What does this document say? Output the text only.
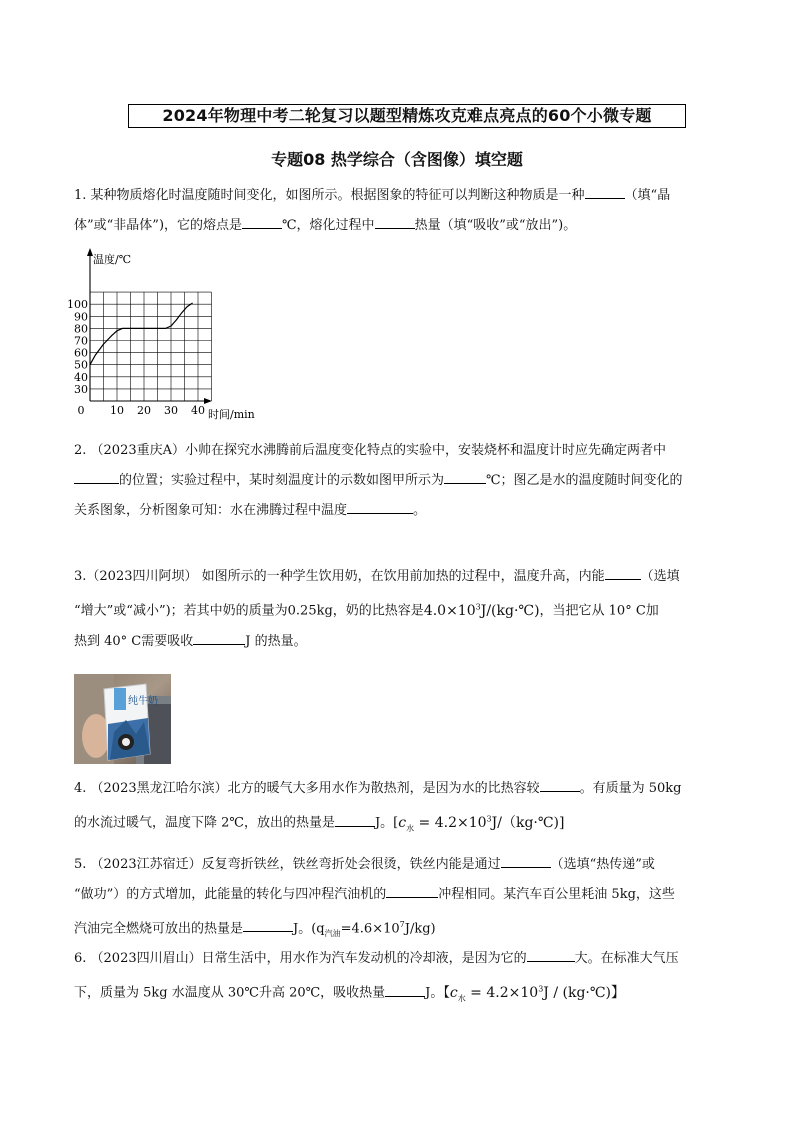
2024年物理中考二轮复习以题型精炼攻克难点亮点的60个小微专题
专题08 热学综合（含图像）填空题
1. 某种物质熔化时温度随时间变化，如图所示。根据图象的特征可以判断这种物质是一种	（填“晶
体”或“非晶体”)，它的熔点是	℃，熔化过程中	热量（填“吸收”或“放出”)。
0 10 20 30 40
30
40
50
60
70
80
90
100
温度/℃
时间/min
2. （2023重庆A）小帅在探究水沸腾前后温度变化特点的实验中，安装烧杯和温度计时应先确定两者中
的位置；实验过程中，某时刻温度计的示数如图甲所示为	℃；图乙是水的温度随时间变化的
关系图象，分析图象可知：水在沸腾过程中温度	。
3.（2023四川阿坝） 如图所示的一种学生饮用奶，在饮用前加热的过程中，温度升高，内能	（选填
“增大”或“减小”)；若其中奶的质量为0.25kg，奶的比热容是$4.0\times 10^3J/(kg\cdot℃)$，当把它从 10° C加
热到 40° C需要吸收	J 的热量。
纯牛奶
4. （2023黑龙江哈尔滨）北方的暖气大多用水作为散热剂，是因为水的比热容较	。有质量为 50kg
的水流过暖气，温度下降 2℃，放出的热量是	J。[$c_水$ = $4.2\times 10^3J/(kg\cdot℃)$]
5. （2023江苏宿迁）反复弯折铁丝，铁丝弯折处会很烫，铁丝内能是通过	（选填“热传递”或
“做功”）的方式增加，此能量的转化与四冲程汽油机的	冲程相同。某汽车百公里耗油 5kg，这些
汽油完全燃烧可放出的热量是	J。$(q_{汽油}=4.6\times 10^7J/kg)$
6. （2023四川眉山）日常生活中，用水作为汽车发动机的冷却液，是因为它的	大。在标准大气压
下，质量为 5kg 水温度从 30℃升高 20℃，吸收热量	J。【$c_水 = 4.2\times 10^3J$ / (kg·℃)】
